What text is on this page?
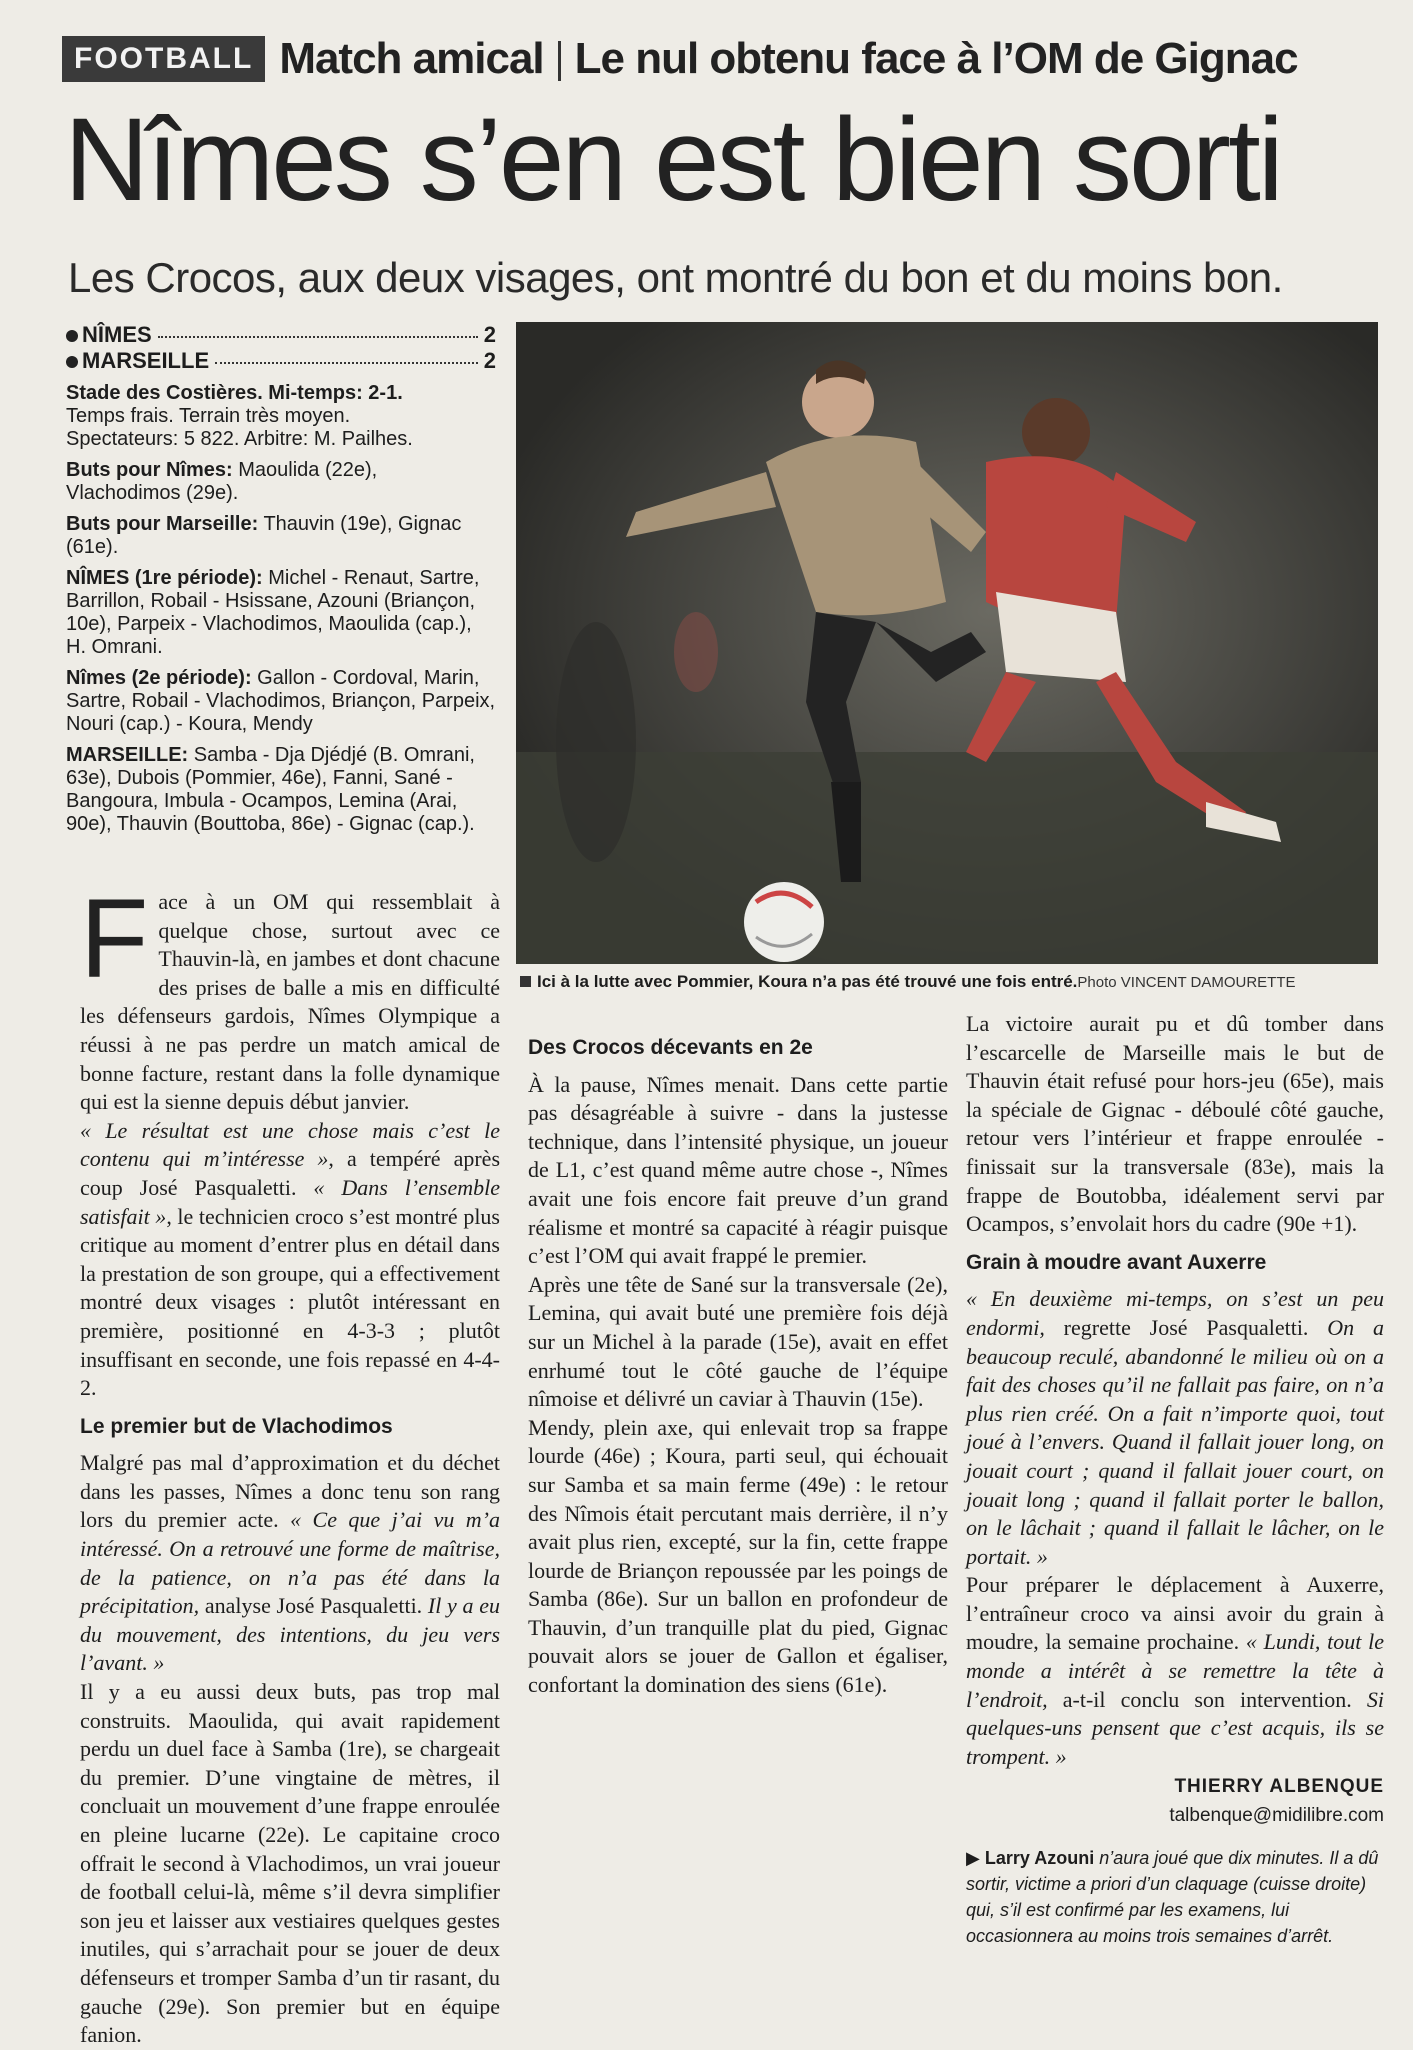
FOOTBALL Match amical Le nul obtenu face à l’OM de Gignac
Nîmes s’en est bien sorti
Les Crocos, aux deux visages, ont montré du bon et du moins bon.
NÎMES	2
MARSEILLE	2
Stade des Costières. Mi-temps: 2-1.
Temps frais. Terrain très moyen.
Spectateurs: 5 822. Arbitre: M. Pailhes.
Buts pour Nîmes: Maoulida (22e), Vlachodimos (29e).
Buts pour Marseille: Thauvin (19e), Gignac (61e).
NÎMES (1re période): Michel - Renaut, Sartre, Barrillon, Robail - Hsissane, Azouni (Briançon, 10e), Parpeix - Vlachodimos, Maoulida (cap.), H. Omrani.
Nîmes (2e période): Gallon - Cordoval, Marin, Sartre, Robail - Vlachodimos, Briançon, Parpeix, Nouri (cap.) - Koura, Mendy
MARSEILLE: Samba - Dja Djédjé (B. Omrani, 63e), Dubois (Pommier, 46e), Fanni, Sané - Bangoura, Imbula - Ocampos, Lemina (Arai, 90e), Thauvin (Bouttoba, 86e) - Gignac (cap.).
Ici à la lutte avec Pommier, Koura n’a pas été trouvé une fois entré.Photo VINCENT DAMOURETTE

Face à un OM qui ressemblait à quelque chose, surtout avec ce Thauvin-là, en jambes et dont chacune des prises de balle a mis en difficulté les défenseurs gardois, Nîmes Olympique a réussi à ne pas perdre un match amical de bonne facture, restant dans la folle dynamique qui est la sienne depuis début janvier.

« Le résultat est une chose mais c’est le contenu qui m’intéresse », a tempéré après coup José Pasqualetti. « Dans l’ensemble satisfait », le technicien croco s’est montré plus critique au moment d’entrer plus en détail dans la prestation de son groupe, qui a effectivement montré deux visages : plutôt intéressant en première, positionné en 4-3-3 ; plutôt insuffisant en seconde, une fois repassé en 4-4-2.

Le premier but de Vlachodimos

Malgré pas mal d’approximation et du déchet dans les passes, Nîmes a donc tenu son rang lors du premier acte. « Ce que j’ai vu m’a intéressé. On a retrouvé une forme de maîtrise, de la patience, on n’a pas été dans la précipitation, analyse José Pasqualetti. Il y a eu du mouvement, des intentions, du jeu vers l’avant. »

Il y a eu aussi deux buts, pas trop mal construits. Maoulida, qui avait rapidement perdu un duel face à Samba (1re), se chargeait du premier. D’une vingtaine de mètres, il concluait un mouvement d’une frappe enroulée en pleine lucarne (22e). Le capitaine croco offrait le second à Vlachodimos, un vrai joueur de football celui-là, même s’il devra simplifier son jeu et laisser aux vestiaires quelques gestes inutiles, qui s’arrachait pour se jouer de deux défenseurs et tromper Samba d’un tir rasant, du gauche (29e). Son premier but en équipe fanion.

Des Crocos décevants en 2e

À la pause, Nîmes menait. Dans cette partie pas désagréable à suivre - dans la justesse technique, dans l’intensité physique, un joueur de L1, c’est quand même autre chose -, Nîmes avait une fois encore fait preuve d’un grand réalisme et montré sa capacité à réagir puisque c’est l’OM qui avait frappé le premier.

Après une tête de Sané sur la transversale (2e), Lemina, qui avait buté une première fois déjà sur un Michel à la parade (15e), avait en effet enrhumé tout le côté gauche de l’équipe nîmoise et délivré un caviar à Thauvin (15e).

Mendy, plein axe, qui enlevait trop sa frappe lourde (46e) ; Koura, parti seul, qui échouait sur Samba et sa main ferme (49e) : le retour des Nîmois était percutant mais derrière, il n’y avait plus rien, excepté, sur la fin, cette frappe lourde de Briançon repoussée par les poings de Samba (86e). Sur un ballon en profondeur de Thauvin, d’un tranquille plat du pied, Gignac pouvait alors se jouer de Gallon et égaliser, confortant la domination des siens (61e).

La victoire aurait pu et dû tomber dans l’escarcelle de Marseille mais le but de Thauvin était refusé pour hors-jeu (65e), mais la spéciale de Gignac - déboulé côté gauche, retour vers l’intérieur et frappe enroulée - finissait sur la transversale (83e), mais la frappe de Boutobba, idéalement servi par Ocampos, s’envolait hors du cadre (90e +1).

Grain à moudre avant Auxerre

« En deuxième mi-temps, on s’est un peu endormi, regrette José Pasqualetti. On a beaucoup reculé, abandonné le milieu où on a fait des choses qu’il ne fallait pas faire, on n’a plus rien créé. On a fait n’importe quoi, tout joué à l’envers. Quand il fallait jouer long, on jouait court ; quand il fallait jouer court, on jouait long ; quand il fallait porter le ballon, on le lâchait ; quand il fallait le lâcher, on le portait. »

Pour préparer le déplacement à Auxerre, l’entraîneur croco va ainsi avoir du grain à moudre, la semaine prochaine. « Lundi, tout le monde a intérêt à se remettre la tête à l’endroit, a-t-il conclu son intervention. Si quelques-uns pensent que c’est acquis, ils se trompent. »

THIERRY ALBENQUE
talbenque@midilibre.com
▶ Larry Azouni n’aura joué que dix minutes. Il a dû sortir, victime a priori d’un claquage (cuisse droite) qui, s’il est confirmé par les examens, lui occasionnera au moins trois semaines d’arrêt.
